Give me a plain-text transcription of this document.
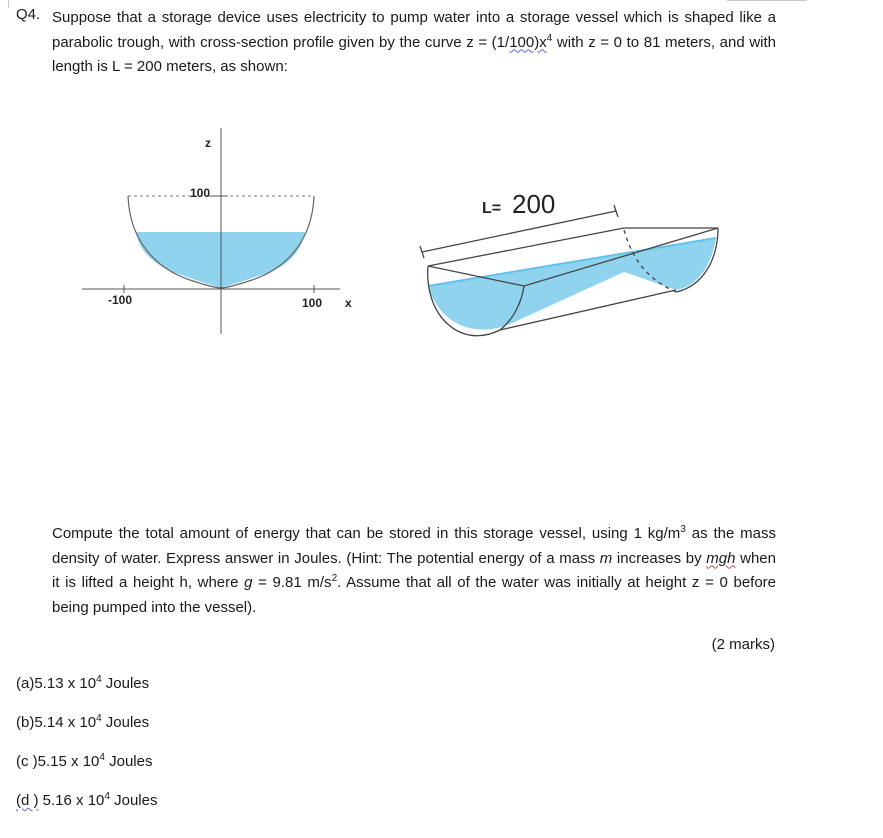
Q4. Suppose that a storage device uses electricity to pump water into a storage vessel which is shaped like a parabolic trough, with cross-section profile given by the curve $z = (1/100)x^4$ with z = 0 to 81 meters, and with length is L = 200 meters, as shown:
z
100
-100	100 x
L= 200
Compute the total amount of energy that can be stored in this storage vessel, using 1 $kg/m^3$ as the mass density of water. Express answer in Joules. (Hint: The potential energy of a mass m increases by mgh when it is lifted a height h, where g = 9.81 $m/s^2$. Assume that all of the water was initially at height z = 0 before being pumped into the vessel).
(2 marks)
(a)5.13 x $10^4$ Joules
(b)5.14 x $10^4$ Joules
(c )5.15 x $10^4$ Joules
(d ) 5.16 x $10^4$ Joules
